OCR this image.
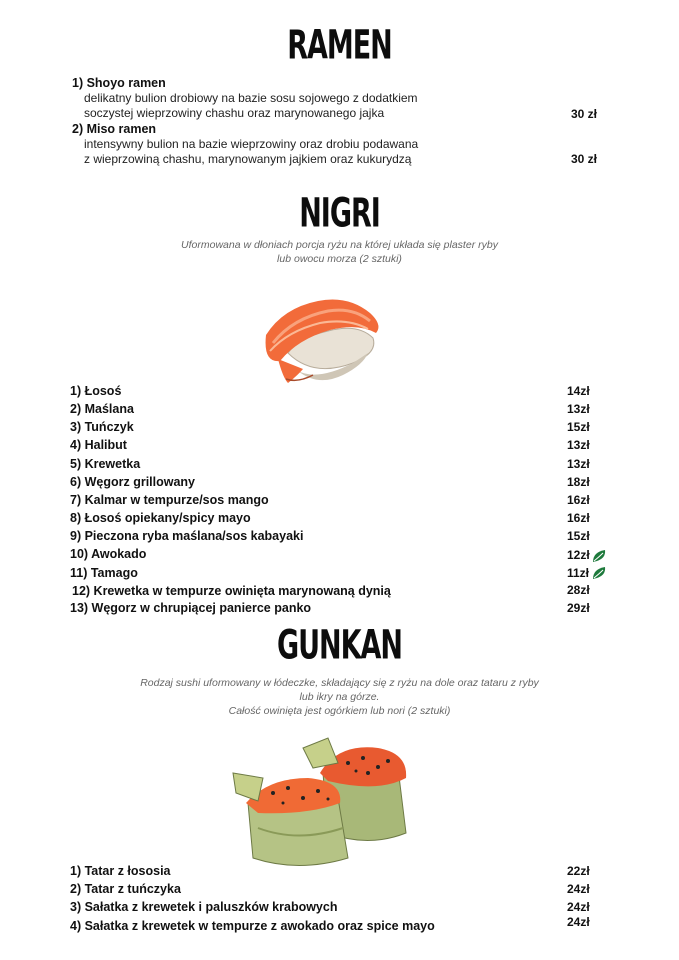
RAMEN
1) Shoyo ramen
delikatny bulion drobiowy na bazie sosu sojowego z dodatkiem
soczystej wieprzowiny chashu oraz marynowanego jajka	30 zł
2) Miso ramen
intensywny bulion na bazie wieprzowiny oraz drobiu podawana
z wieprzowiną chashu, marynowanym jajkiem oraz kukurydzą	30 zł
NIGRI
Uformowana w dłoniach porcja ryżu na której układa się plaster ryby
lub owocu morza (2 sztuki)
1) Łosoś	14zł
2) Maślana	13zł
3) Tuńczyk	15zł
4) Halibut	13zł
5) Krewetka	13zł
6) Węgorz grillowany	18zł
7) Kalmar w tempurze/sos mango	16zł
8) Łosoś opiekany/spicy mayo	16zł
9) Pieczona ryba maślana/sos kabayaki	15zł
10) Awokado	12zł
11) Tamago	11zł
12) Krewetka w tempurze owinięta marynowaną dynią	28zł
13) Węgorz w chrupiącej panierce panko	29zł
GUNKAN
Rodzaj sushi uformowany w łódeczke, składający się z ryżu na dole oraz tataru z ryby
lub ikry na górze.
Całość owinięta jest ogórkiem lub nori (2 sztuki)
1) Tatar z łososia	22zł
2) Tatar z tuńczyka	24zł
3) Sałatka z krewetek i paluszków krabowych	24zł
4) Sałatka z krewetek w tempurze z awokado oraz spice mayo	24zł
